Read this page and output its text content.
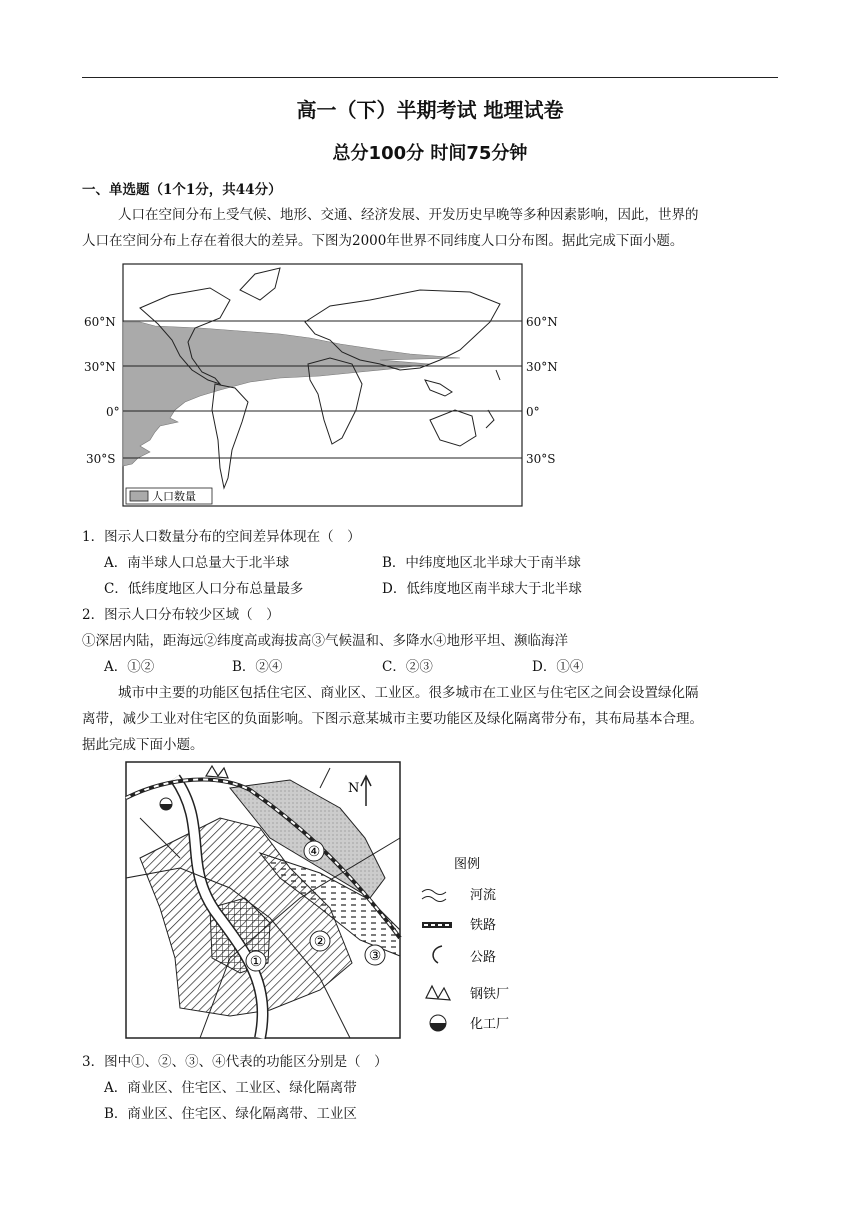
高一（下）半期考试 地理试卷
总分100分 时间75分钟
一、单选题（1个1分，共44分）
人口在空间分布上受气候、地形、交通、经济发展、开发历史早晚等多种因素影响，因此，世界的
人口在空间分布上存在着很大的差异。下图为2000年世界不同纬度人口分布图。据此完成下面小题。
60°N
30°N
0°
30°S
60°N
30°N
0°
30°S
人口数量
1．图示人口数量分布的空间差异体现在（　）
A．南半球人口总量大于北半球	B．中纬度地区北半球大于南半球
C．低纬度地区人口分布总量最多	D．低纬度地区南半球大于北半球
2．图示人口分布较少区域（　）
①深居内陆，距海远②纬度高或海拔高③气候温和、多降水④地形平坦、濒临海洋
A．①②	B．②④	C．②③	D．①④
城市中主要的功能区包括住宅区、商业区、工业区。很多城市在工业区与住宅区之间会设置绿化隔
离带，减少工业对住宅区的负面影响。下图示意某城市主要功能区及绿化隔离带分布，其布局基本合理。
据此完成下面小题。
N
①
②
③
④
图例
河流
铁路
公路
钢铁厂
化工厂
3．图中①、②、③、④代表的功能区分别是（　）
A．商业区、住宅区、工业区、绿化隔离带
B．商业区、住宅区、绿化隔离带、工业区
